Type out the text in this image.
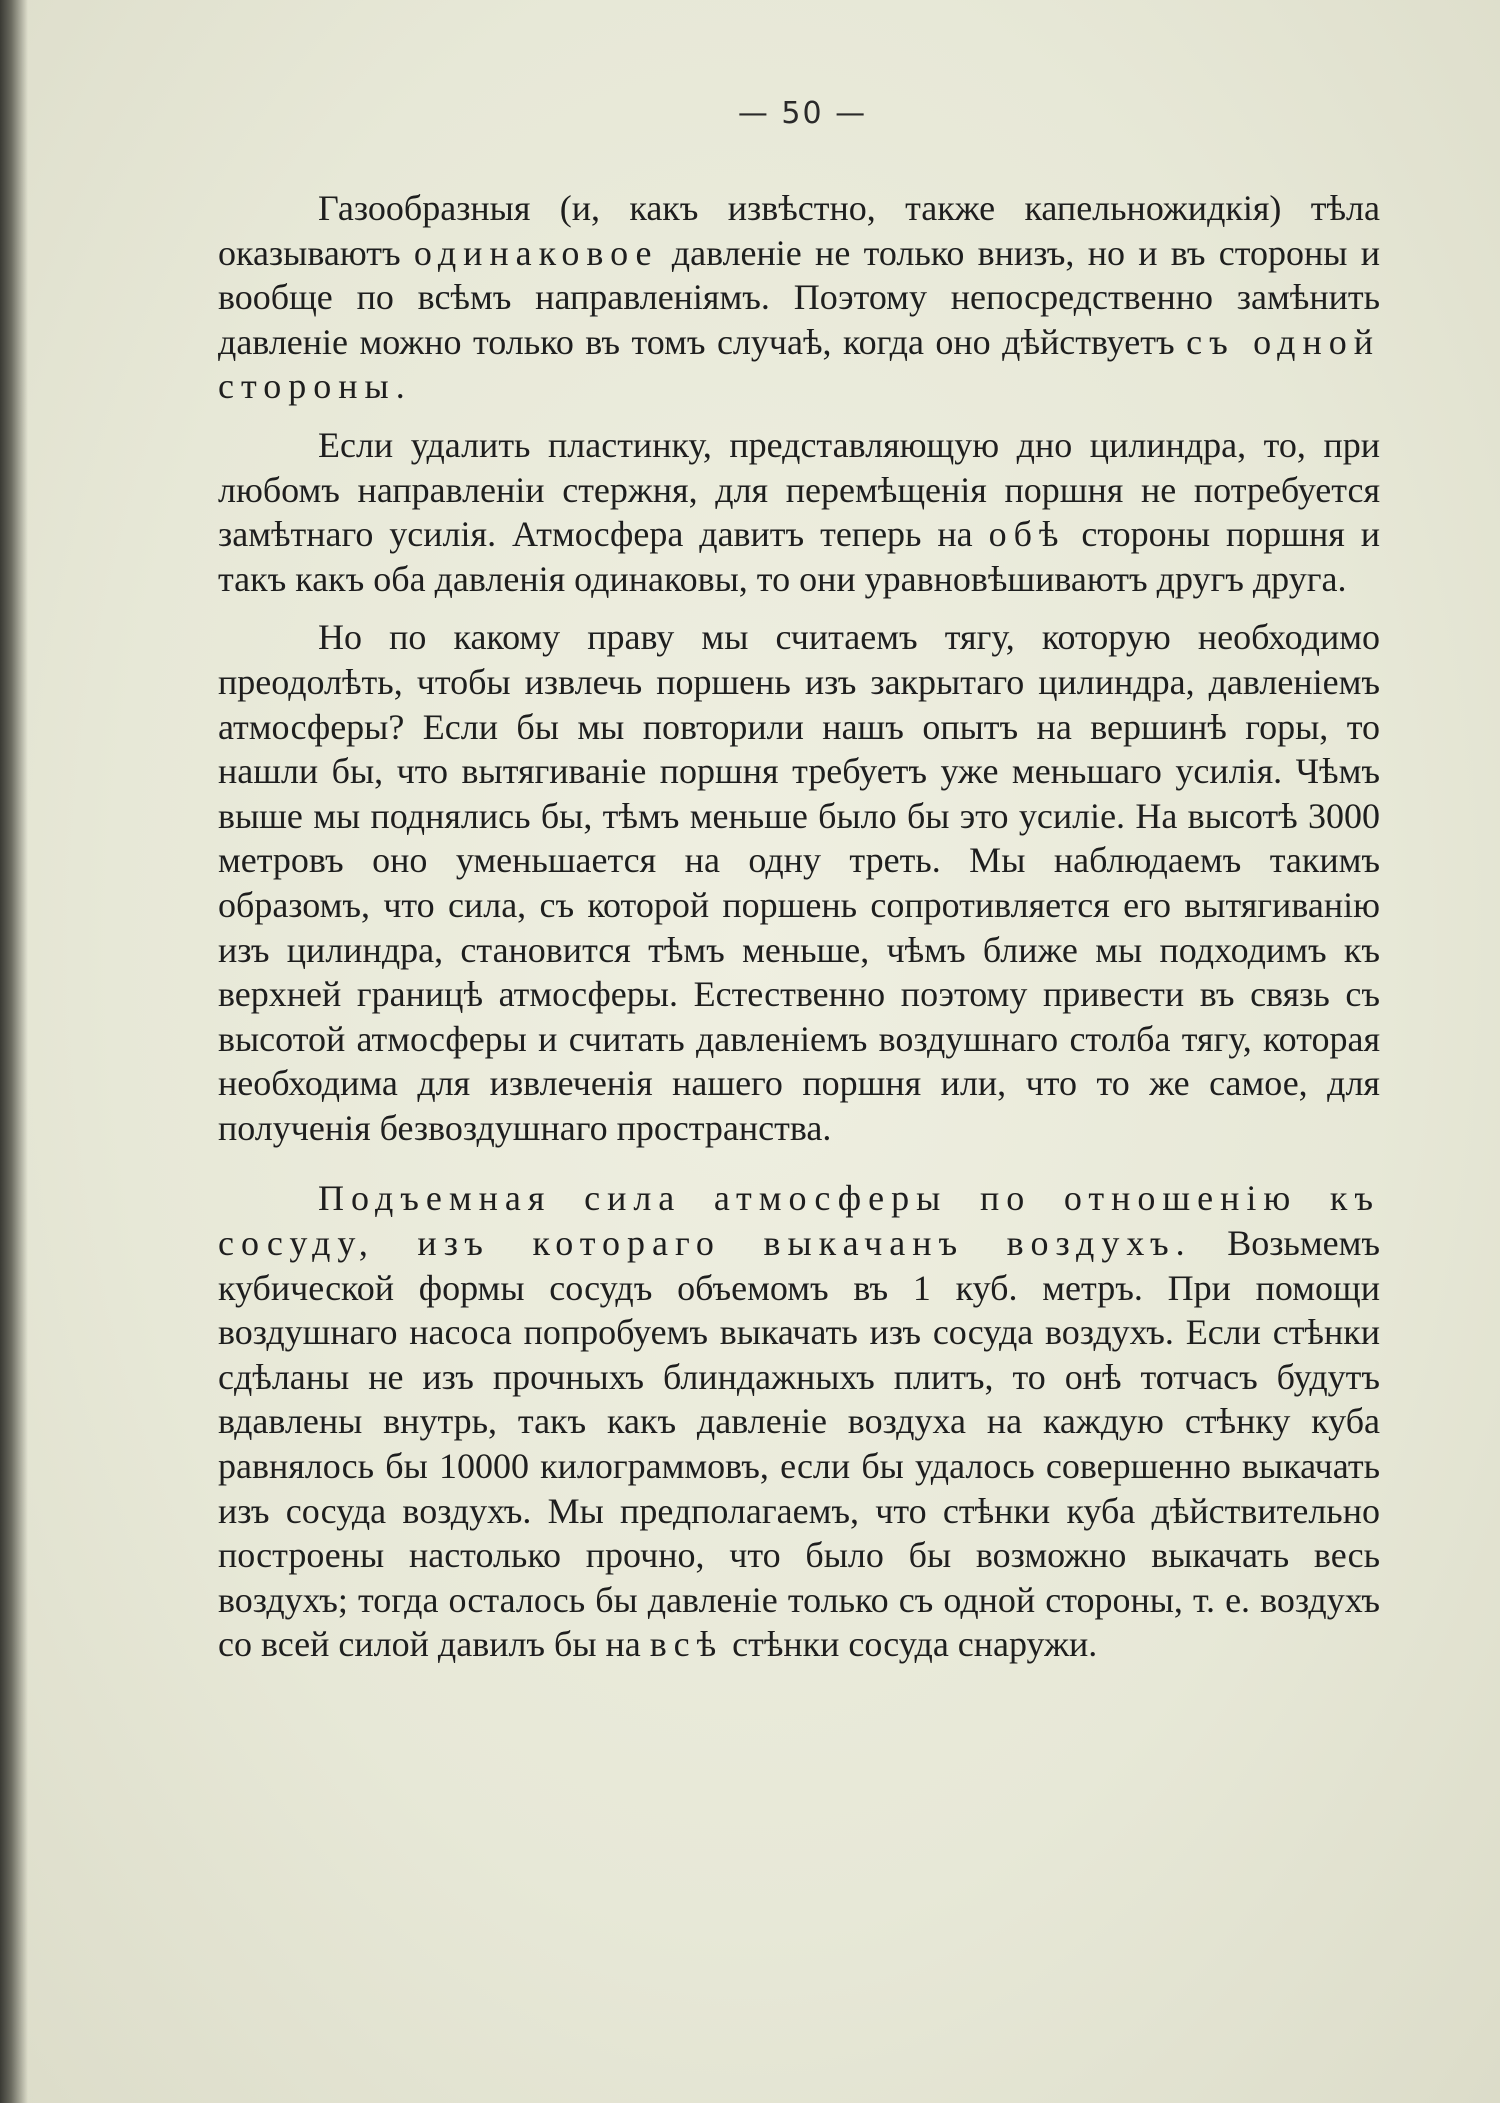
— 50 —

Газообразныя (и, какъ извѣстно, также капельножидкія) тѣла оказываютъ одинаковое давленіе не только внизъ, но и въ стороны и вообще по всѣмъ направленіямъ. Поэтому непосредственно замѣнить давленіе можно только въ томъ случаѣ, когда оно дѣйствуетъ съ одной стороны.

Если удалить пластинку, представляющую дно цилиндра, то, при любомъ направленіи стержня, для перемѣщенія поршня не потребуется замѣтнаго усилія. Атмосфера давитъ теперь на обѣ стороны поршня и такъ какъ оба давленія одинаковы, то они уравновѣшиваютъ другъ друга.

Но по какому праву мы считаемъ тягу, которую необходимо преодолѣть, чтобы извлечь поршень изъ закрытаго цилиндра, давленіемъ атмосферы? Если бы мы повторили нашъ опытъ на вершинѣ горы, то нашли бы, что вытягиваніе поршня требуетъ уже меньшаго усилія. Чѣмъ выше мы поднялись бы, тѣмъ меньше было бы это усиліе. На высотѣ 3000 метровъ оно уменьшается на одну треть. Мы наблюдаемъ такимъ образомъ, что сила, съ которой поршень сопротивляется его вытягиванію изъ цилиндра, становится тѣмъ меньше, чѣмъ ближе мы подходимъ къ верхней границѣ атмосферы. Естественно поэтому привести въ связь съ высотой атмосферы и считать давленіемъ воздушнаго столба тягу, которая необходима для извлеченія нашего поршня или, что то же самое, для полученія безвоздушнаго пространства.

Подъемная сила атмосферы по отношенію къ сосуду, изъ котораго выкачанъ воздухъ. Возьмемъ кубической формы сосудъ объемомъ въ 1 куб. метръ. При помощи воздушнаго насоса попробуемъ выкачать изъ сосуда воздухъ. Если стѣнки сдѣланы не изъ прочныхъ блиндажныхъ плитъ, то онѣ тотчасъ будутъ вдавлены внутрь, такъ какъ давленіе воздуха на каждую стѣнку куба равнялось бы 10000 килограммовъ, если бы удалось совершенно выкачать изъ сосуда воздухъ. Мы предполагаемъ, что стѣнки куба дѣйствительно построены настолько прочно, что было бы возможно выкачать весь воздухъ; тогда осталось бы давленіе только съ одной стороны, т. е. воздухъ со всей силой давилъ бы на всѣ стѣнки сосуда снаружи.
